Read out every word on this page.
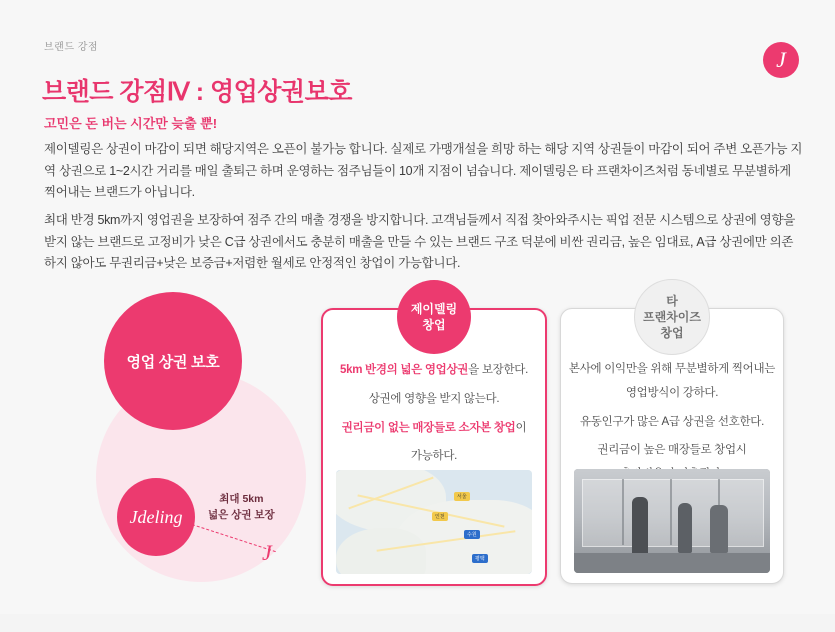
브랜드 강점	J
브랜드 강점Ⅳ : 영업상권보호
고민은 돈 버는 시간만 늦출 뿐!
제이델링은 상권이 마감이 되면 해당지역은 오픈이 불가능 합니다. 실제로 가맹개설을 희망 하는 해당 지역 상권들이 마감이 되어 주변 오픈가능 지역 상권으로 1~2시간 거리를 매일 출퇴근 하며 운영하는 점주님들이 10개 지점이 넘습니다. 제이델링은 타 프랜차이즈처럼 동네별로 무분별하게 찍어내는 브랜드가 아닙니다.
최대 반경 5km까지 영업권을 보장하여 점주 간의 매출 경쟁을 방지합니다. 고객님들께서 직접 찾아와주시는 픽업 전문 시스템으로 상권에 영향을 받지 않는 브랜드로 고정비가 낮은 C급 상권에서도 충분히 매출을 만들 수 있는 브랜드 구조 덕분에 비싼 권리금, 높은 임대료, A급 상권에만 의존하지 않아도 무권리금+낮은 보증금+저렴한 월세로 안정적인 창업이 가능합니다.
영업 상권 보호
Jdeling
최대 5km
넓은 상권 보장
J
제이델링
창업

5km 반경의 넓은 영업상권을 보장한다.

상권에 영향을 받지 않는다.

권리금이 없는 매장들로 소자본 창업이

가능하다.

서울
인천
수원
평택
타
프랜차이즈
창업

본사에 이익만을 위해 무분별하게 찍어내는

영업방식이 강하다.

유동인구가 많은 A급 상권을 선호한다.

권리금이 높은 매장들로 창업시
